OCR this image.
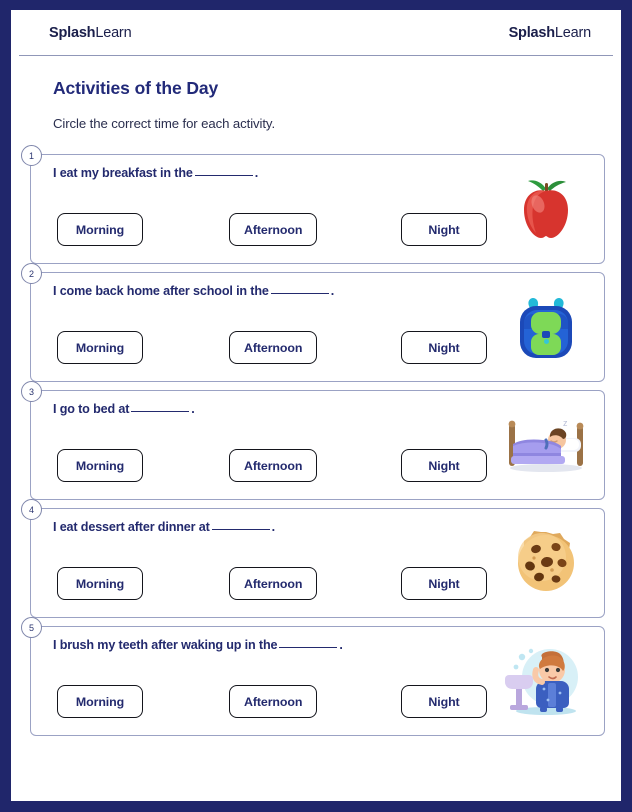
SplashLearn	SplashLearn
Activities of the Day
Circle the correct time for each activity.
1
I eat my breakfast in the	.
Morning	Afternoon	Night
2
I come back home after school in the	.
Morning	Afternoon	Night
3
I go to bed at	.
Morning	Afternoon	Night
z
4
I eat dessert after dinner at	.
Morning	Afternoon	Night
5
I brush my teeth after waking up in the	.
Morning	Afternoon	Night
